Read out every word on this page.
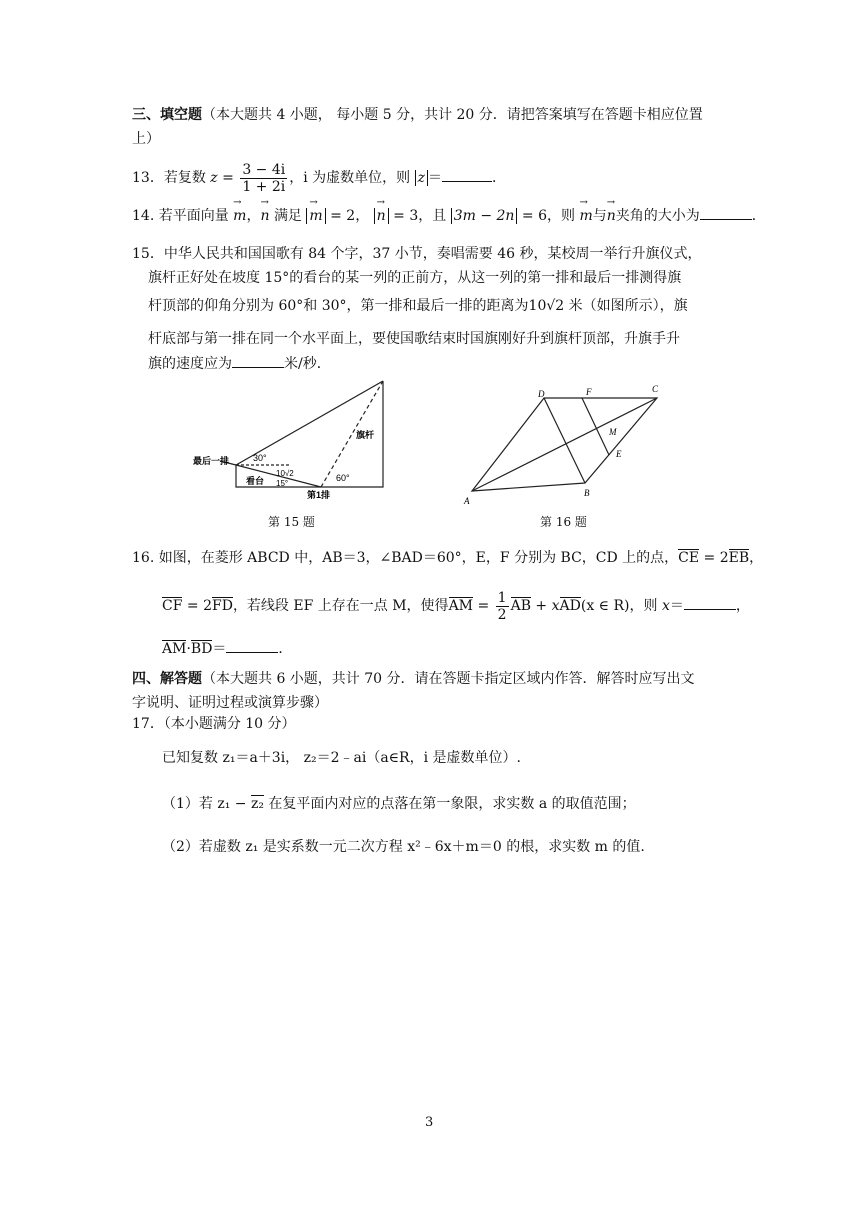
三、填空题（本大题共 4 小题， 每小题 5 分，共计 20 分．请把答案填写在答题卡相应位置
上）
13．若复数 $z = \frac{3 - 4i}{1 + 2i}$ ，i 为虚数单位，则 z ＝	．
14. 若平面向量 → m，→ n 满足 → m = 2， → n = 3，且 3m − 2n = 6，则 → m与→ n夹角的大小为	．
15．中华人民共和国国歌有 84 个字，37 小节，奏唱需要 46 秒，某校周一举行升旗仪式，
旗杆正好处在坡度 15°的看台的某一列的正前方，从这一列的第一排和最后一排测得旗
杆顶部的仰角分别为 60°和 30°，第一排和最后一排的距离为10√2 米（如图所示），旗
杆底部与第一排在同一个水平面上，要使国歌结束时国旗刚好升到旗杆顶部，升旗手升
旗的速度应为	米/秒．
最后一排	30°
10√2
看台 15°
60°
第1排
旗杆
第 15 题
A
B
C
D
E
F
M
第 16 题
16. 如图，在菱形 ABCD 中，AB＝3，∠BAD＝60°，E，F 分别为 BC，CD 上的点，CE = 2EB，
CF = 2FD，若线段 EF 上存在一点 M，使得AM = $\frac{1}{2}$ AB + xAD(x ∈ R)，则 x＝	，
AM·BD＝	．
四、解答题（本大题共 6 小题，共计 70 分．请在答题卡指定区域内作答．解答时应写出文
字说明、证明过程或演算步骤）
17．（本小题满分 10 分）
已知复数 z₁＝a＋3i， z₂＝2﹣ai（a∈R，i 是虚数单位）.
（1）若 z₁ − z₂ 在复平面内对应的点落在第一象限，求实数 a 的取值范围；
（2）若虚数 z₁ 是实系数一元二次方程 x²﹣6x＋m＝0 的根，求实数 m 的值.
3
